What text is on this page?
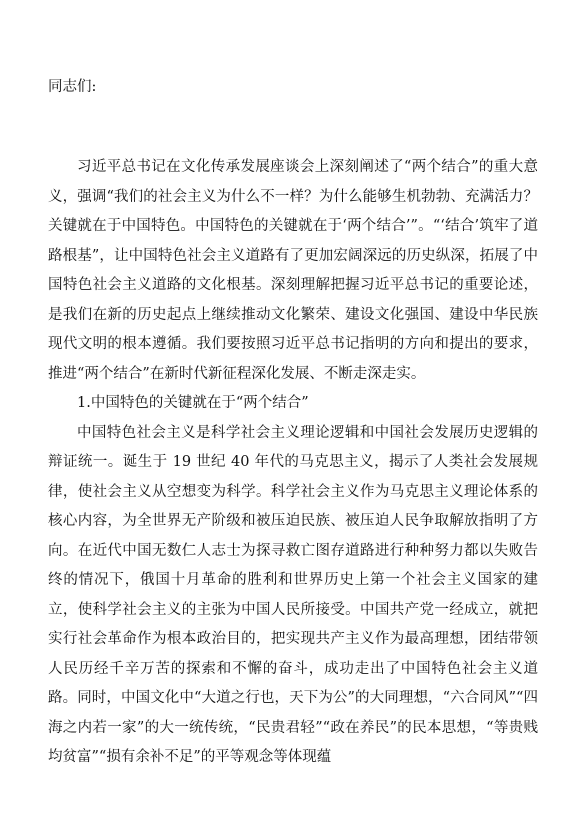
同志们:

习近平总书记在文化传承发展座谈会上深刻阐述了“两个结合”的重大意义，强调“我们的社会主义为什么不一样？为什么能够生机勃勃、充满活力？关键就在于中国特色。中国特色的关键就在于‘两个结合’”。“‘结合’筑牢了道路根基”，让中国特色社会主义道路有了更加宏阔深远的历史纵深，拓展了中国特色社会主义道路的文化根基。深刻理解把握习近平总书记的重要论述，是我们在新的历史起点上继续推动文化繁荣、建设文化强国、建设中华民族现代文明的根本遵循。我们要按照习近平总书记指明的方向和提出的要求，推进“两个结合”在新时代新征程深化发展、不断走深走实。

1.中国特色的关键就在于“两个结合”

中国特色社会主义是科学社会主义理论逻辑和中国社会发展历史逻辑的辩证统一。诞生于 19 世纪 40 年代的马克思主义，揭示了人类社会发展规律，使社会主义从空想变为科学。科学社会主义作为马克思主义理论体系的核心内容，为全世界无产阶级和被压迫民族、被压迫人民争取解放指明了方向。在近代中国无数仁人志士为探寻救亡图存道路进行种种努力都以失败告终的情况下，俄国十月革命的胜利和世界历史上第一个社会主义国家的建立，使科学社会主义的主张为中国人民所接受。中国共产党一经成立，就把实行社会革命作为根本政治目的，把实现共产主义作为最高理想，团结带领人民历经千辛万苦的探索和不懈的奋斗，成功走出了中国特色社会主义道路。同时，中国文化中“大道之行也，天下为公”的大同理想，“六合同风”“四海之内若一家”的大一统传统，“民贵君轻”“政在养民”的民本思想，“等贵贱均贫富”“损有余补不足”的平等观念等体现蕴
